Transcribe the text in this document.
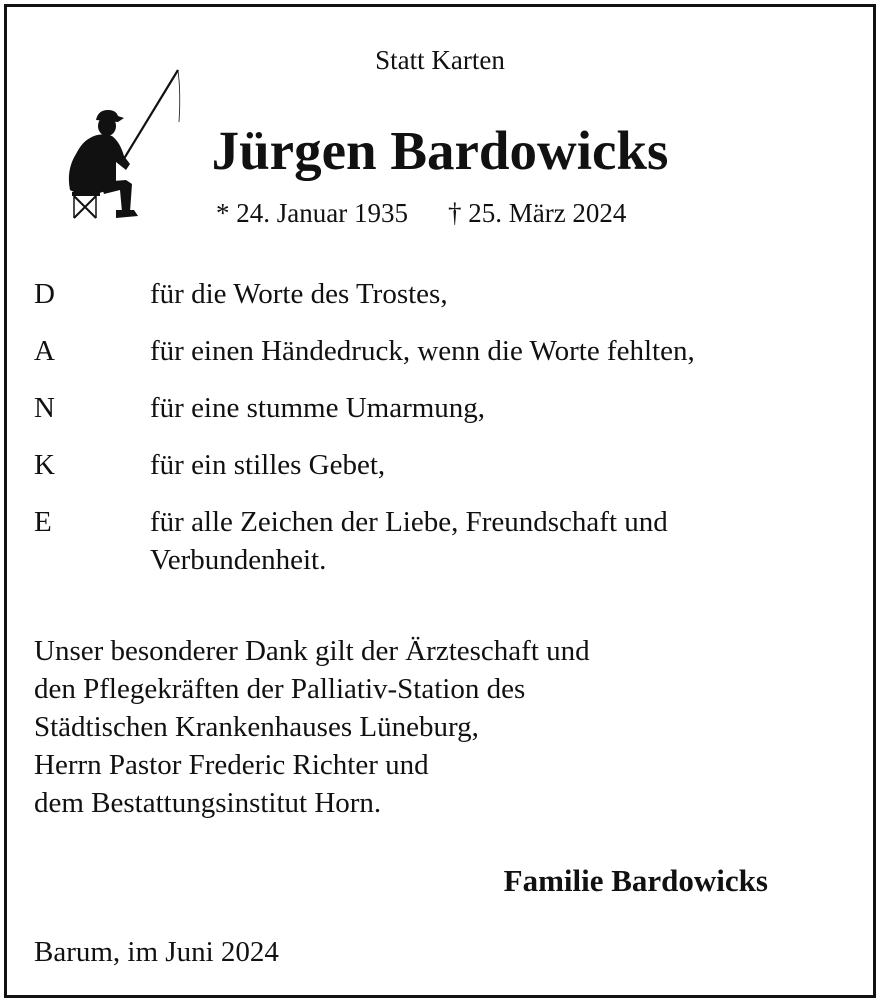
Statt Karten
Jürgen Bardowicks
* 24. Januar 1935 † 25. März 2024
D	für die Worte des Trostes,
A	für einen Händedruck, wenn die Worte fehlten,
N	für eine stumme Umarmung,
K	für ein stilles Gebet,
E	für alle Zeichen der Liebe, Freundschaft und
Verbundenheit.
Unser besonderer Dank gilt der Ärzteschaft und
den Pflegekräften der Palliativ-Station des
Städtischen Krankenhauses Lüneburg,
Herrn Pastor Frederic Richter und
dem Bestattungsinstitut Horn.
Familie Bardowicks
Barum, im Juni 2024
